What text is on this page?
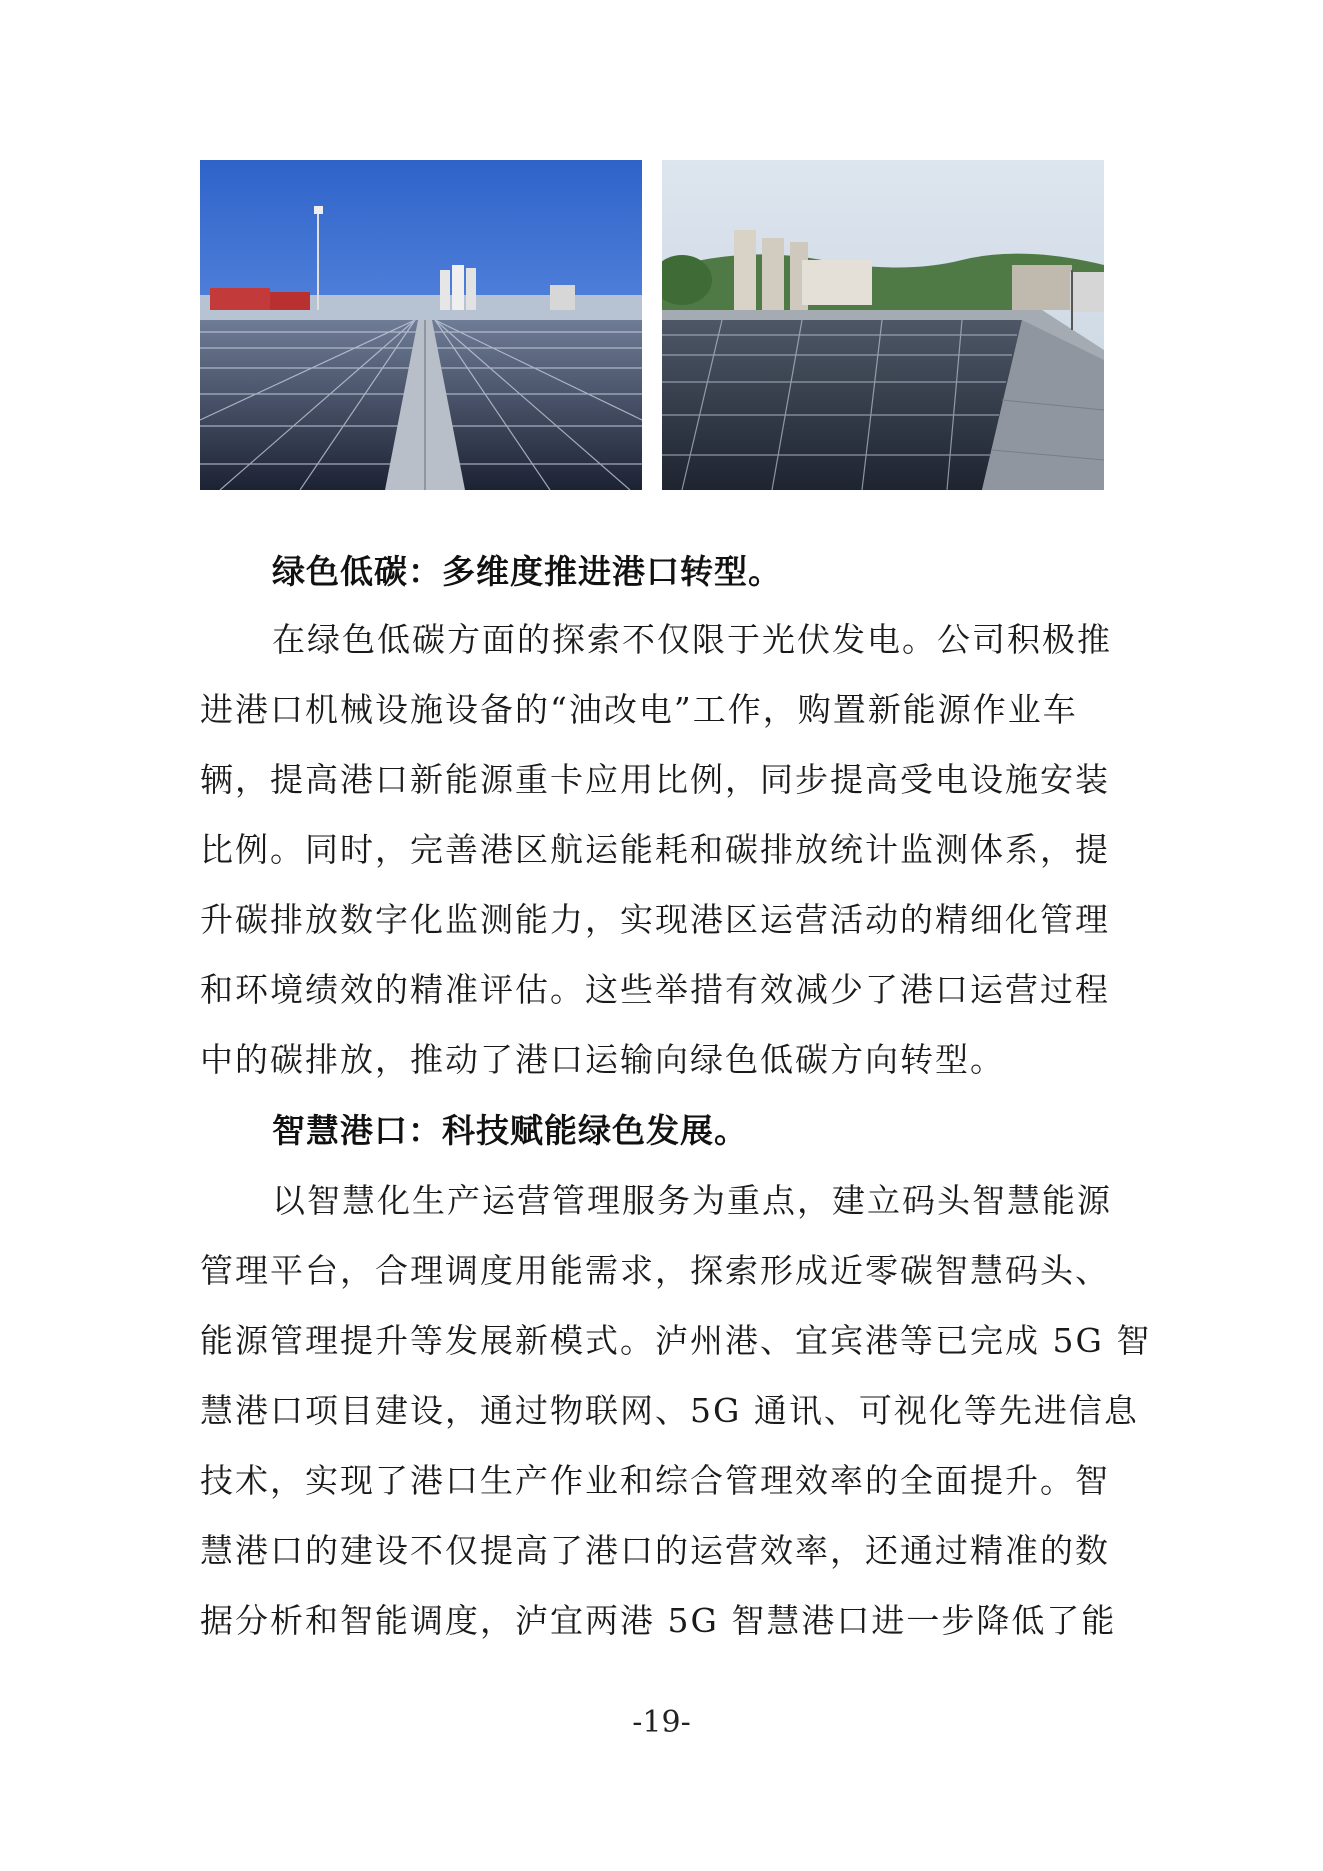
绿色低碳：多维度推进港口转型。
在绿色低碳方面的探索不仅限于光伏发电。公司积极推
进港口机械设施设备的“油改电”工作，购置新能源作业车
辆，提高港口新能源重卡应用比例，同步提高受电设施安装
比例。同时，完善港区航运能耗和碳排放统计监测体系，提
升碳排放数字化监测能力，实现港区运营活动的精细化管理
和环境绩效的精准评估。这些举措有效减少了港口运营过程
中的碳排放，推动了港口运输向绿色低碳方向转型。
智慧港口：科技赋能绿色发展。
以智慧化生产运营管理服务为重点，建立码头智慧能源
管理平台，合理调度用能需求，探索形成近零碳智慧码头、
能源管理提升等发展新模式。泸州港、宜宾港等已完成 5G 智
慧港口项目建设，通过物联网、5G 通讯、可视化等先进信息
技术，实现了港口生产作业和综合管理效率的全面提升。智
慧港口的建设不仅提高了港口的运营效率，还通过精准的数
据分析和智能调度，泸宜两港 5G 智慧港口进一步降低了能
-19-
